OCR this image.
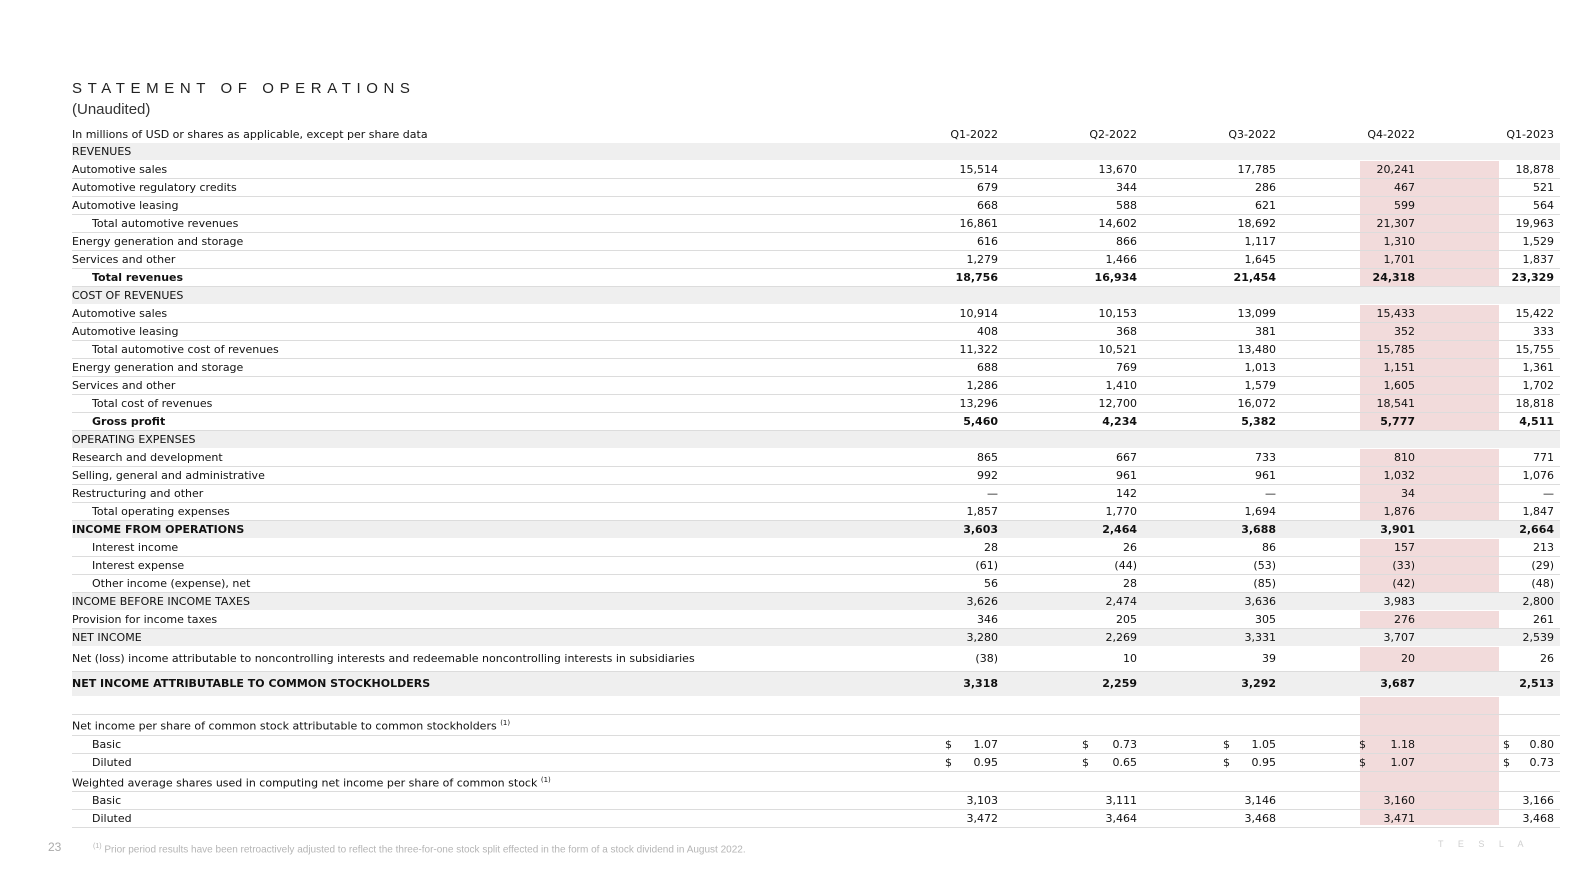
STATEMENT OF OPERATIONS
(Unaudited)
In millions of USD or shares as applicable, except per share data	Q1-2022	Q2-2022	Q3-2022	Q4-2022	Q1-2023
REVENUES					
Automotive sales	15,514	13,670	17,785	20,241	18,878
Automotive regulatory credits	679	344	286	467	521
Automotive leasing	668	588	621	599	564
Total automotive revenues	16,861	14,602	18,692	21,307	19,963
Energy generation and storage	616	866	1,117	1,310	1,529
Services and other	1,279	1,466	1,645	1,701	1,837
Total revenues	18,756	16,934	21,454	24,318	23,329
COST OF REVENUES					
Automotive sales	10,914	10,153	13,099	15,433	15,422
Automotive leasing	408	368	381	352	333
Total automotive cost of revenues	11,322	10,521	13,480	15,785	15,755
Energy generation and storage	688	769	1,013	1,151	1,361
Services and other	1,286	1,410	1,579	1,605	1,702
Total cost of revenues	13,296	12,700	16,072	18,541	18,818
Gross profit	5,460	4,234	5,382	5,777	4,511
OPERATING EXPENSES					
Research and development	865	667	733	810	771
Selling, general and administrative	992	961	961	1,032	1,076
Restructuring and other	—	142	—	34	—
Total operating expenses	1,857	1,770	1,694	1,876	1,847
INCOME FROM OPERATIONS	3,603	2,464	3,688	3,901	2,664
Interest income	28	26	86	157	213
Interest expense	(61)	(44)	(53)	(33)	(29)
Other income (expense), net	56	28	(85)	(42)	(48)
INCOME BEFORE INCOME TAXES	3,626	2,474	3,636	3,983	2,800
Provision for income taxes	346	205	305	276	261
NET INCOME	3,280	2,269	3,331	3,707	2,539
Net (loss) income attributable to noncontrolling interests and redeemable noncontrolling interests in subsidiaries	(38)	10	39	20	26
NET INCOME ATTRIBUTABLE TO COMMON STOCKHOLDERS	3,318	2,259	3,292	3,687	2,513

Net income per share of common stock attributable to common stockholders $^{(1)}$					
Basic	$ 1.07	$ 0.73	$ 1.05	$ 1.18	$ 0.80

Diluted	$ 0.95	$ 0.65	$ 0.95	$ 1.07	$ 0.73

Weighted average shares used in computing net income per share of common stock $^{(1)}$					
Basic	3,103	3,111	3,146	3,160	3,166
Diluted	3,472	3,464	3,468	3,471	3,468
23	$^{(1)}$ Prior period results have been retroactively adjusted to reflect the three-for-one stock split effected in the form of a stock dividend in August 2022.
T E S L A
